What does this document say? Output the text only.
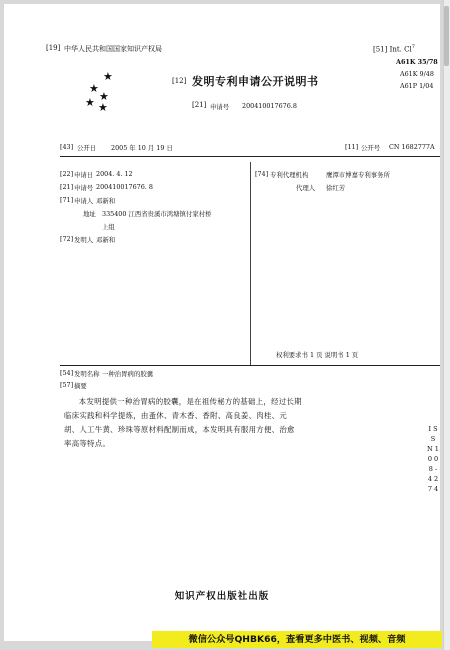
[19] 中华人民共和国国家知识产权局
★
★
★
★ ★
[12] 发明专利申请公开说明书
[21] 申请号 200410017676.8
[51] Int. Cl$^7$
A61K 35/78
A61K 9/48
A61P 1/04
[43] 公开日 2005 年 10 月 19 日	[11] 公开号 CN 1682777A
[22] 申请日 2004. 4. 12
[21] 申请号 200410017676. 8
[71] 申请人 邓新和
地址 335400 江西省贵溪市鸿塘镇付家村桥
上组
[72] 发明人 邓新和
[74] 专利代理机构	鹰潭市博嘉专利事务所
代理人 徐红芳
权利要求书 1 页 说明书 1 页
[54] 发明名称 一种治胃病的胶囊
[57] 摘要
本发明提供一种治胃病的胶囊，是在祖传秘方的基础上，经过长期临床实践和科学提炼，由蚤休、青木香、香附、高良姜、肉桂、元胡、人工牛黄、珍珠等原材料配制而成，本发明具有服用方便、治愈率高等特点。
I S S N 1 0 0 8 - 4 2 7 4
知识产权出版社出版
微信公众号QHBK66，查看更多中医书、视频、音频
